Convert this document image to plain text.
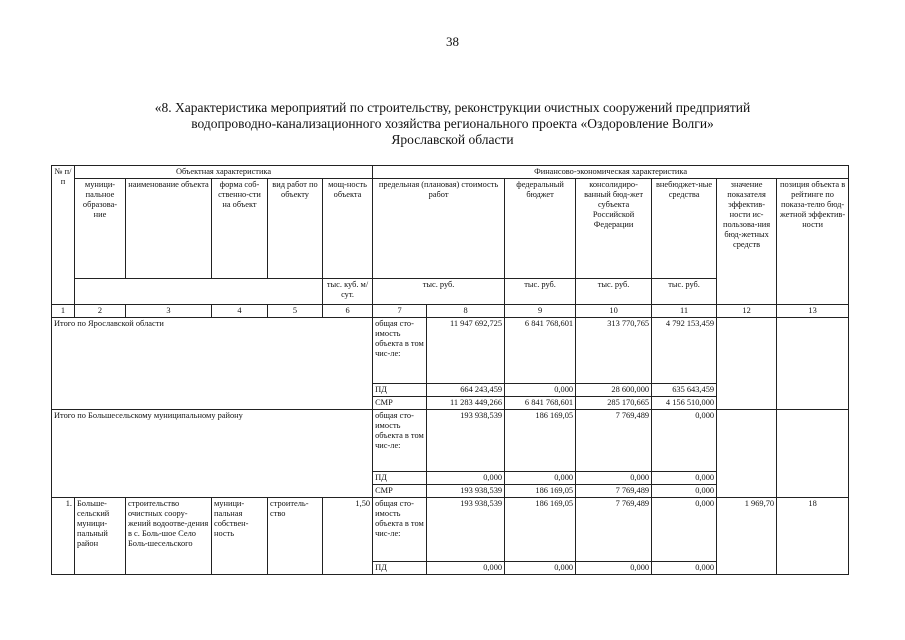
38
«8. Характеристика мероприятий по строительству, реконструкции очистных сооружений предприятий
водопроводно-канализационного хозяйства регионального проекта «Оздоровление Волги»
Ярославской области
№ п/п	Объектная характеристика					Финансово-экономическая характеристика						
	муници-пальное образова-ние	наименование объекта	форма соб-ственно-сти на объект	вид работ по объекту	мощ-ность объекта	предельная (плановая) стоимость работ		федеральный бюджет	консолидиро-ванный бюд-жет субъекта Российской Федерации	внебюджет-ные средства	значение показателя эффектив-ности ис-пользова-ния бюд-жетных средств	позиция объекта в рейтинге по показа-телю бюд-жетной эффектив-ности
					тыс. куб. м/ сут.	тыс. руб.		тыс. руб.	тыс. руб.	тыс. руб.		
1	2	3	4	5	6	7	8	9	10	11	12	13
Итого по Ярославской области						общая сто-имость объекта в том чис-ле:	11 947 692,725	6 841 768,601	313 770,765	4 792 153,459		
						ПД	664 243,459	0,000	28 600,000	635 643,459		
						СМР	11 283 449,266	6 841 768,601	285 170,665	4 156 510,000		
Итого по Большесельскому муниципальному району						общая сто-имость объекта в том чис-ле:	193 938,539	186 169,05	7 769,489	0,000		
						ПД	0,000	0,000	0,000	0,000		
						СМР	193 938,539	186 169,05	7 769,489	0,000		
1.	Больше-сельский муници-пальный район	строительство очистных соору-жений водоотве-дения в с. Боль-шое Село Боль-шесельского	муници-пальная собствен-ность	строитель-ство	1,50	общая сто-имость объекта в том чис-ле:	193 938,539	186 169,05	7 769,489	0,000	1 969,70	18
						ПД	0,000	0,000	0,000	0,000		
